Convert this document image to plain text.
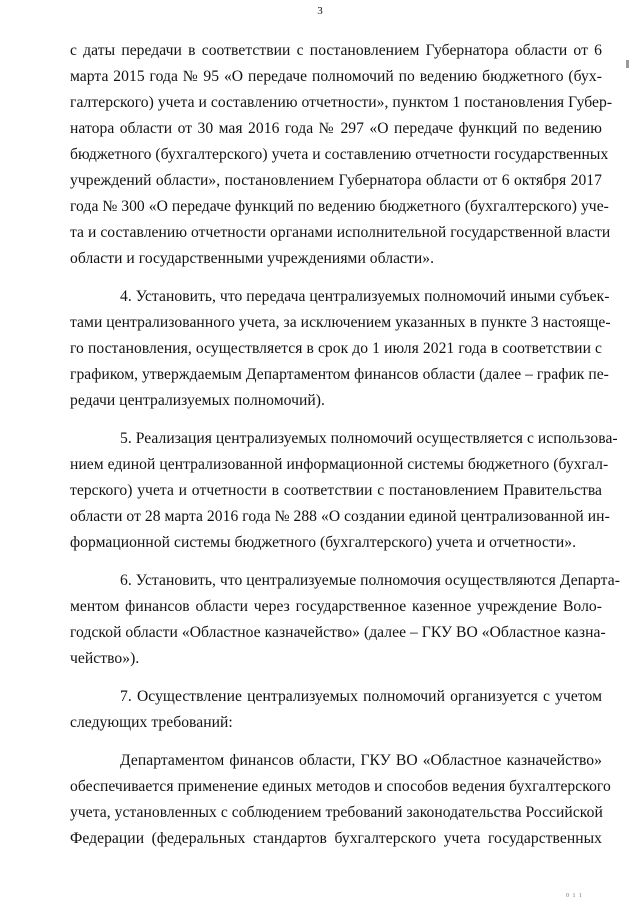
3
с даты передачи в соответствии с постановлением Губернатора области от 6
марта 2015 года № 95 «О передаче полномочий по ведению бюджетного (бух-
галтерского) учета и составлению отчетности», пунктом 1 постановления Губер-
натора области от 30 мая 2016 года № 297 «О передаче функций по ведению
бюджетного (бухгалтерского) учета и составлению отчетности государственных
учреждений области», постановлением Губернатора области от 6 октября 2017
года № 300 «О передаче функций по ведению бюджетного (бухгалтерского) уче-
та и составлению отчетности органами исполнительной государственной власти
области и государственными учреждениями области».
4. Установить, что передача централизуемых полномочий иными субъек-
тами централизованного учета, за исключением указанных в пункте 3 настояще-
го постановления, осуществляется в срок до 1 июля 2021 года в соответствии с
графиком, утверждаемым Департаментом финансов области (далее – график пе-
редачи централизуемых полномочий).
5. Реализация централизуемых полномочий осуществляется с использова-
нием единой централизованной информационной системы бюджетного (бухгал-
терского) учета и отчетности в соответствии с постановлением Правительства
области от 28 марта 2016 года № 288 «О создании единой централизованной ин-
формационной системы бюджетного (бухгалтерского) учета и отчетности».
6. Установить, что централизуемые полномочия осуществляются Департа-
ментом финансов области через государственное казенное учреждение Воло-
годской области «Областное казначейство» (далее – ГКУ ВО «Областное казна-
чейство»).
7. Осуществление централизуемых полномочий организуется с учетом
следующих требований:
Департаментом финансов области, ГКУ ВО «Областное казначейство»
обеспечивается применение единых методов и способов ведения бухгалтерского
учета, установленных с соблюдением требований законодательства Российской
Федерации (федеральных стандартов бухгалтерского учета государственных
0 1 1
